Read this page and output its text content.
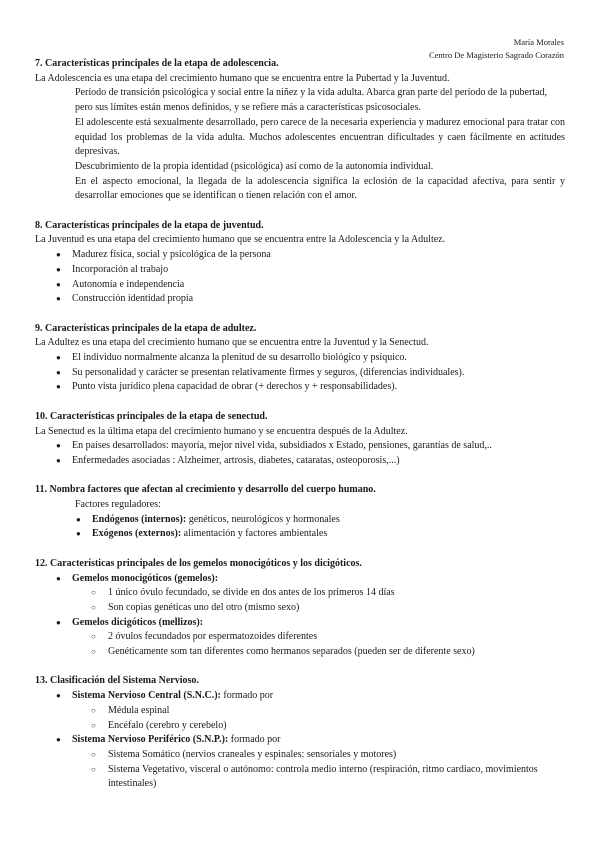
María Morales
Centro De Magisterio Sagrado Corazón
7. Características principales de la etapa de adolescencia.
La Adolescencia es una etapa del crecimiento humano que se encuentra entre la Pubertad y la Juventud.
Período de transición psicológica y social entre la niñez y la vida adulta. Abarca gran parte del período de la pubertad, pero sus límites están menos definidos, y se refiere más a características psicosociales.
El adolescente está sexualmente desarrollado, pero carece de la necesaria experiencia y madurez emocional para tratar con equidad los problemas de la vida adulta. Muchos adolescentes encuentran dificultades y caen fácilmente en actitudes depresivas.
Descubrimiento de la propia identidad (psicológica) así como de la autonomía individual.
En el aspecto emocional, la llegada de la adolescencia significa la eclosión de la capacidad afectiva, para sentir y desarrollar emociones que se identifican o tienen relación con el amor.
8. Características principales de la etapa de juventud.
La Juventud es una etapa del crecimiento humano que se encuentra entre la Adolescencia y la Adultez.
● Madurez física, social y psicológica de la persona
● Incorporación al trabajo
● Autonomía e independencia
● Construcción identidad propia
9. Características principales de la etapa de adultez.
La Adultez es una etapa del crecimiento humano que se encuentra entre la Juventud y la Senectud.
● El individuo normalmente alcanza la plenitud de su desarrollo biológico y psíquico.
● Su personalidad y carácter se presentan relativamente firmes y seguros, (diferencias individuales).
● Punto vista jurídico plena capacidad de obrar (+ derechos y + responsabilidades).
10. Características principales de la etapa de senectud.
La Senectud es la última etapa del crecimiento humano y se encuentra después de la Adultez.
● En países desarrollados: mayoría, mejor nivel vida, subsidiados x Estado, pensiones, garantías de salud,..
● Enfermedades asociadas : Alzheimer, artrosis, diabetes, cataratas, osteoporosis,...)
11. Nombra factores que afectan al crecimiento y desarrollo del cuerpo humano.
Factores reguladores:
● Endógenos (internos): genéticos, neurológicos y hormonales
● Exógenos (externos): alimentación y factores ambientales
12. Características principales de los gemelos monocigóticos y los dicigóticos.
● Gemelos monocigóticos (gemelos):
○ 1 único óvulo fecundado, se divide en dos antes de los primeros 14 días
○ Son copias genéticas uno del otro (mismo sexo)
● Gemelos dicigóticos (mellizos):
○ 2 óvulos fecundados por espermatozoides diferentes
○ Genéticamente som tan diferentes como hermanos separados (pueden ser de diferente sexo)
13. Clasificación del Sistema Nervioso.
● Sistema Nervioso Central (S.N.C.): formado por
○ Médula espinal
○ Encéfalo (cerebro y cerebelo)
● Sistema Nervioso Periférico (S.N.P.): formado por
○ Sistema Somático (nervios craneales y espinales: sensoriales y motores)
○ Sistema Vegetativo, visceral o autónomo: controla medio interno (respiración, ritmo cardiaco, movimientos intestinales)
